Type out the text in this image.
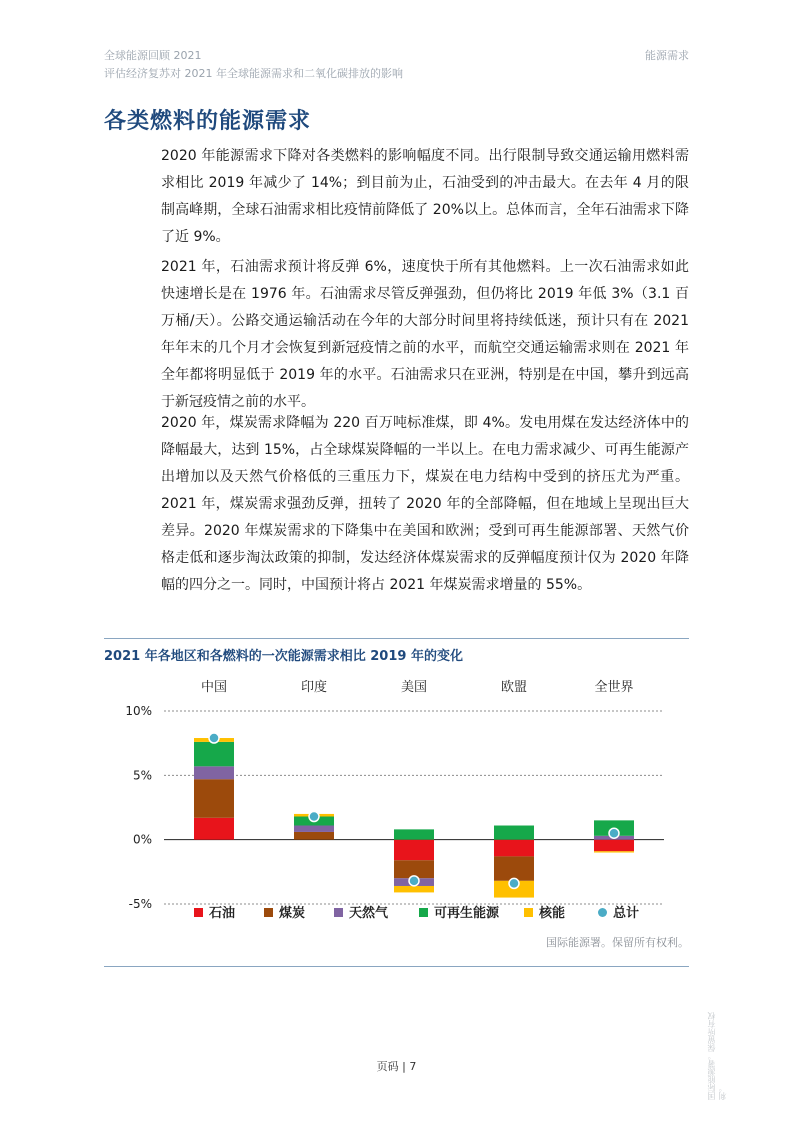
全球能源回顾 2021
评估经济复苏对 2021 年全球能源需求和二氧化碳排放的影响
能源需求
各类燃料的能源需求
2020 年能源需求下降对各类燃料的影响幅度不同。出行限制导致交通运输用燃料需求相比 2019 年减少了 14%；到目前为止，石油受到的冲击最大。在去年 4 月的限制高峰期，全球石油需求相比疫情前降低了 20%以上。总体而言，全年石油需求下降了近 9%。
2021 年，石油需求预计将反弹 6%，速度快于所有其他燃料。上一次石油需求如此快速增长是在 1976 年。石油需求尽管反弹强劲，但仍将比 2019 年低 3%（3.1 百万桶/天）。公路交通运输活动在今年的大部分时间里将持续低迷，预计只有在 2021 年年末的几个月才会恢复到新冠疫情之前的水平，而航空交通运输需求则在 2021 年全年都将明显低于 2019 年的水平。石油需求只在亚洲，特别是在中国，攀升到远高于新冠疫情之前的水平。
2020 年，煤炭需求降幅为 220 百万吨标准煤，即 4%。发电用煤在发达经济体中的降幅最大，达到 15%，占全球煤炭降幅的一半以上。在电力需求减少、可再生能源产出增加以及天然气价格低的三重压力下，煤炭在电力结构中受到的挤压尤为严重。2021 年，煤炭需求强劲反弹，扭转了 2020 年的全部降幅，但在地域上呈现出巨大差异。2020 年煤炭需求的下降集中在美国和欧洲；受到可再生能源部署、天然气价格走低和逐步淘汰政策的抑制，发达经济体煤炭需求的反弹幅度预计仅为 2020 年降幅的四分之一。同时，中国预计将占 2021 年煤炭需求增量的 55%。
2021 年各地区和各燃料的一次能源需求相比 2019 年的变化
10%
5%
0%
-5%
中国	印度	美国	欧盟	全世界
石油	煤炭	天然气	可再生能源	核能	总计
国际能源署。保留所有权利。
页码 | 7	国际能源署。保留所有权利。
